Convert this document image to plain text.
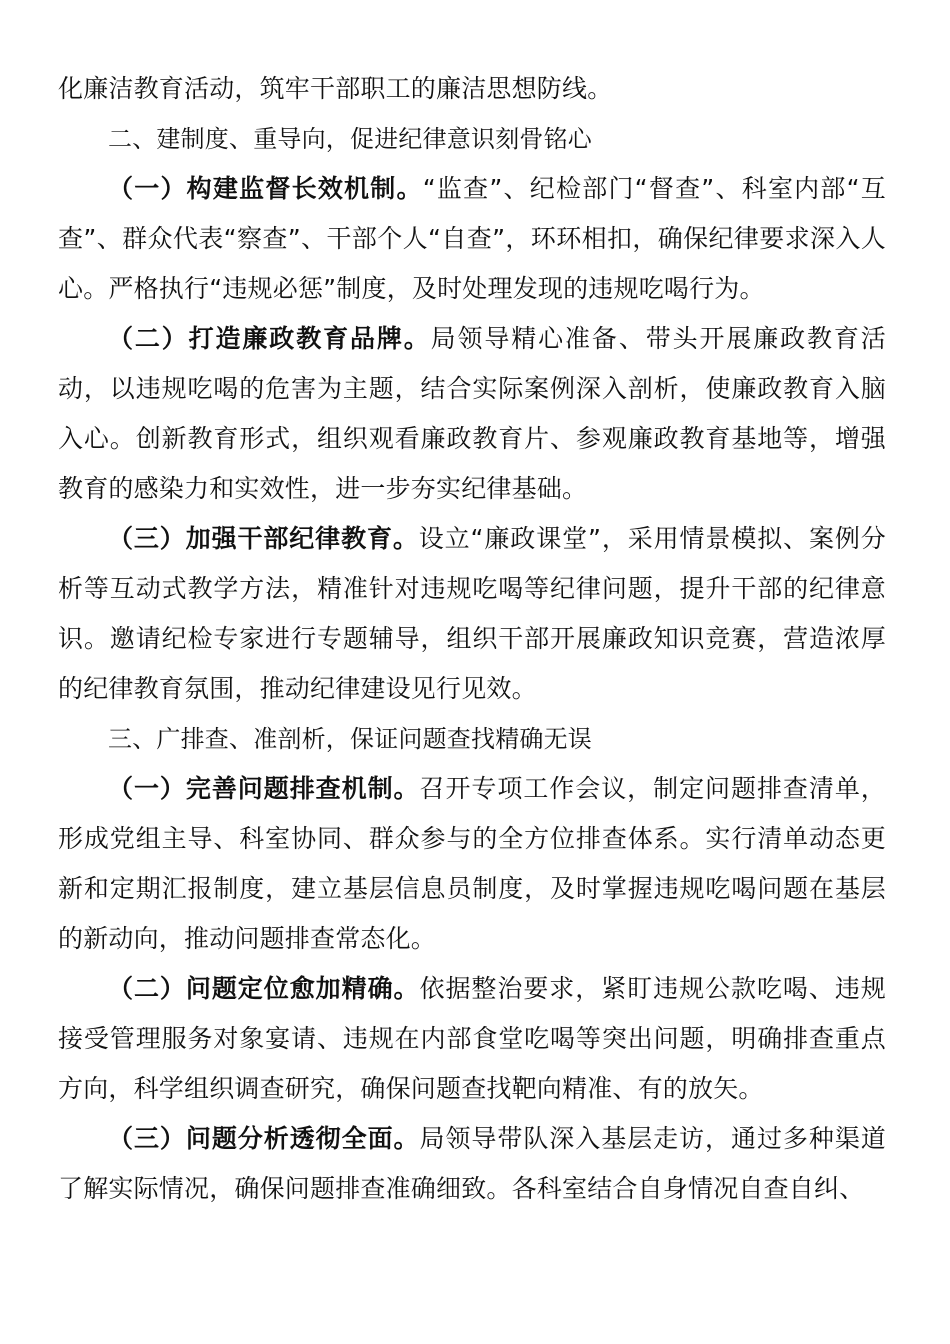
化廉洁教育活动，筑牢干部职工的廉洁思想防线。

二、建制度、重导向，促进纪律意识刻骨铭心

（一）构建监督长效机制。“监查”、纪检部门“督查”、科室内部“互查”、群众代表“察查”、干部个人“自查”，环环相扣，确保纪律要求深入人心。严格执行“违规必惩”制度，及时处理发现的违规吃喝行为。

（二）打造廉政教育品牌。局领导精心准备、带头开展廉政教育活动，以违规吃喝的危害为主题，结合实际案例深入剖析，使廉政教育入脑入心。创新教育形式，组织观看廉政教育片、参观廉政教育基地等，增强教育的感染力和实效性，进一步夯实纪律基础。

（三）加强干部纪律教育。设立“廉政课堂”，采用情景模拟、案例分析等互动式教学方法，精准针对违规吃喝等纪律问题，提升干部的纪律意识。邀请纪检专家进行专题辅导，组织干部开展廉政知识竞赛，营造浓厚的纪律教育氛围，推动纪律建设见行见效。

三、广排查、准剖析，保证问题查找精确无误

（一）完善问题排查机制。召开专项工作会议，制定问题排查清单，形成党组主导、科室协同、群众参与的全方位排查体系。实行清单动态更新和定期汇报制度，建立基层信息员制度，及时掌握违规吃喝问题在基层的新动向，推动问题排查常态化。

（二）问题定位愈加精确。依据整治要求，紧盯违规公款吃喝、违规接受管理服务对象宴请、违规在内部食堂吃喝等突出问题，明确排查重点方向，科学组织调查研究，确保问题查找靶向精准、有的放矢。

（三）问题分析透彻全面。局领导带队深入基层走访，通过多种渠道了解实际情况，确保问题排查准确细致。各科室结合自身情况自查自纠、
